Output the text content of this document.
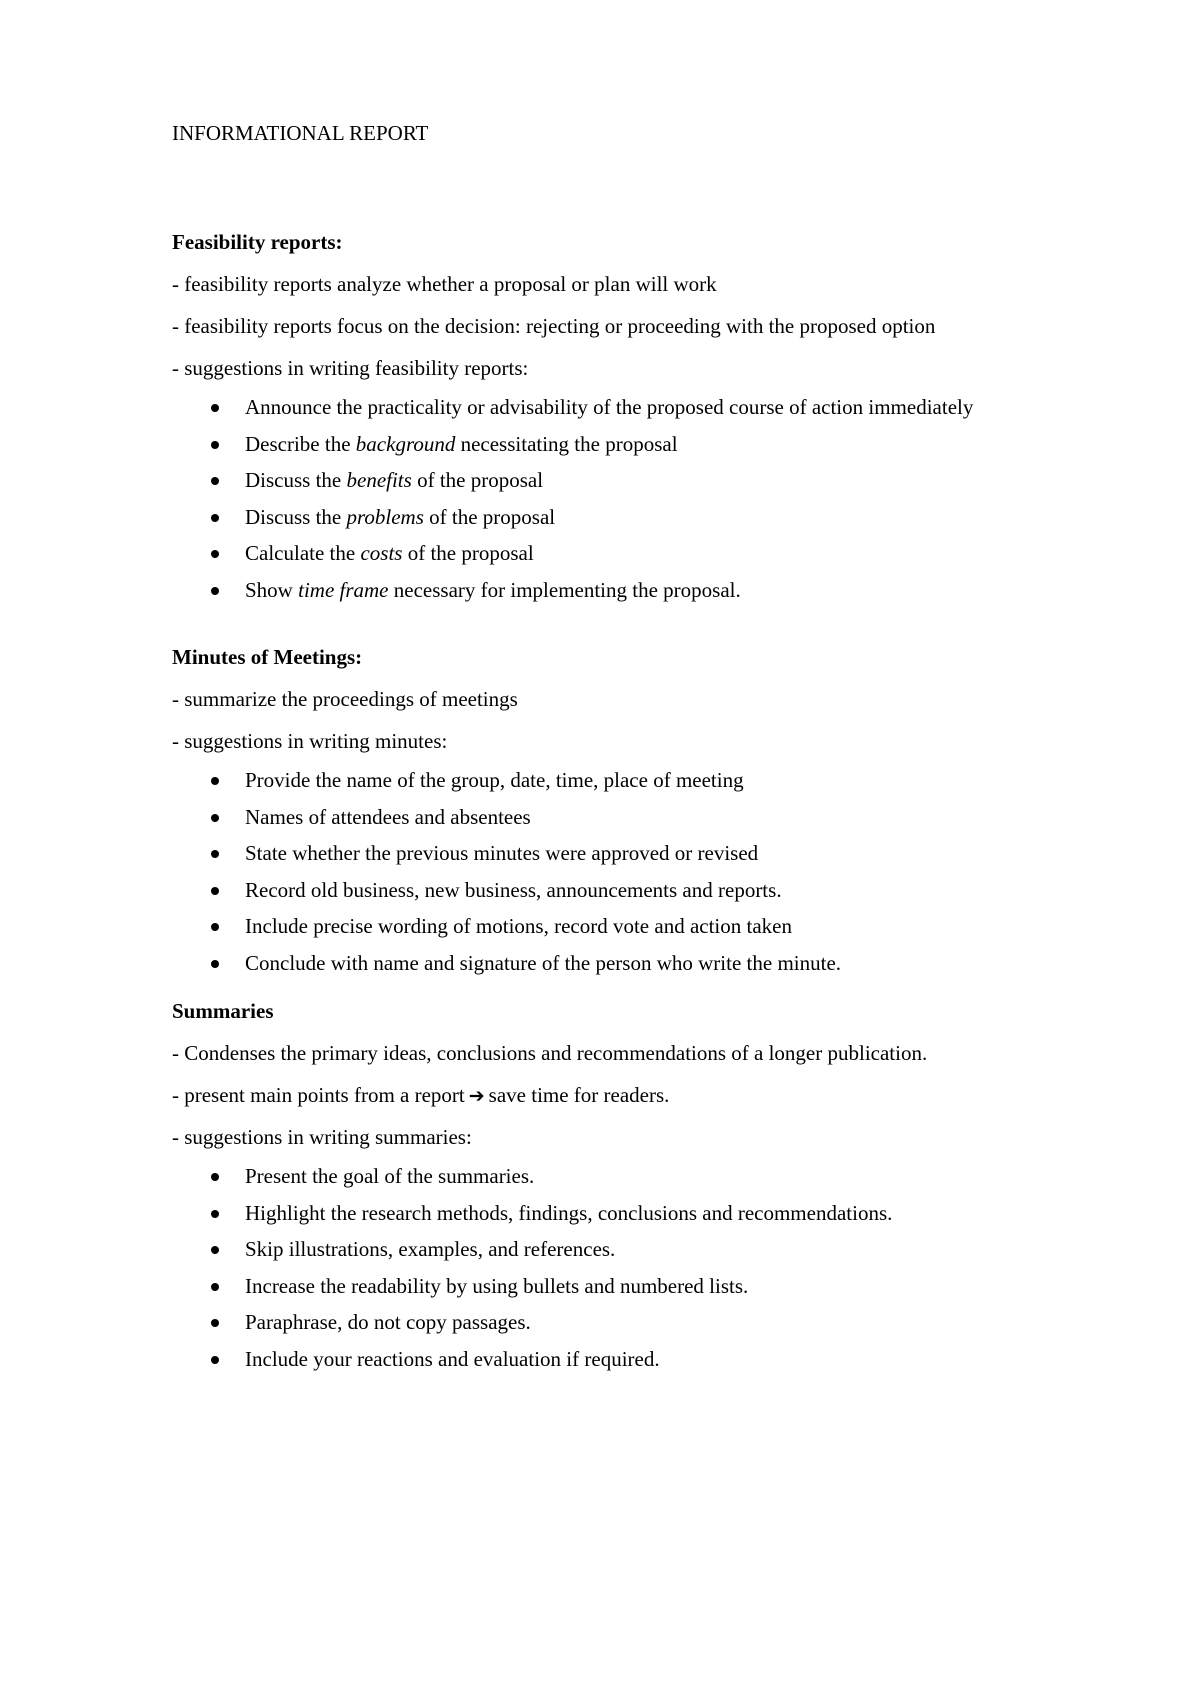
INFORMATIONAL REPORT

Feasibility reports:

- feasibility reports analyze whether a proposal or plan will work

- feasibility reports focus on the decision: rejecting or proceeding with the proposed option

- suggestions in writing feasibility reports:

Announce the practicality or advisability of the proposed course of action immediately
Describe the background necessitating the proposal
Discuss the benefits of the proposal
Discuss the problems of the proposal
Calculate the costs of the proposal
Show time frame necessary for implementing the proposal.

Minutes of Meetings:

- summarize the proceedings of meetings

- suggestions in writing minutes:

Provide the name of the group, date, time, place of meeting
Names of attendees and absentees
State whether the previous minutes were approved or revised
Record old business, new business, announcements and reports.
Include precise wording of motions, record vote and action taken
Conclude with name and signature of the person who write the minute.

Summaries

- Condenses the primary ideas, conclusions and recommendations of a longer publication.

- present main points from a report ➔ save time for readers.

- suggestions in writing summaries:

Present the goal of the summaries.
Highlight the research methods, findings, conclusions and recommendations.
Skip illustrations, examples, and references.
Increase the readability by using bullets and numbered lists.
Paraphrase, do not copy passages.
Include your reactions and evaluation if required.
